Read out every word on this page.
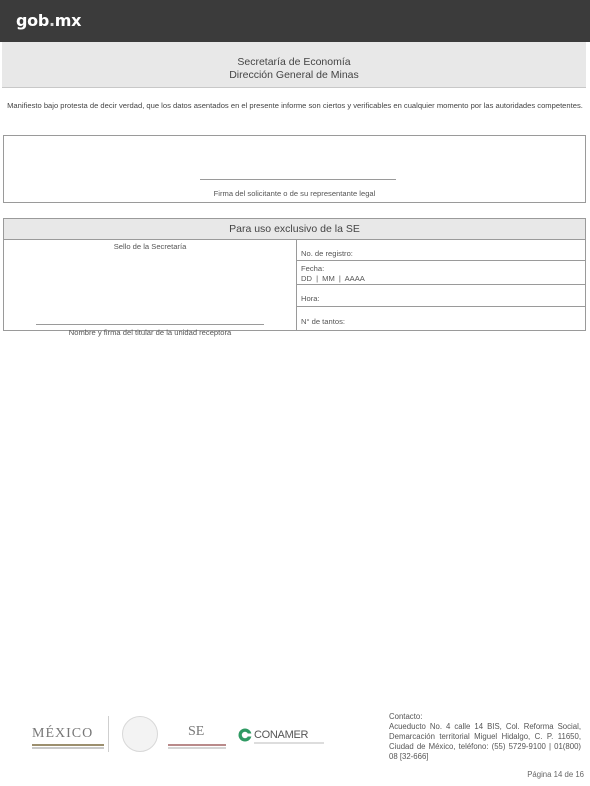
gob.mx
Secretaría de Economía
Dirección General de Minas
Manifiesto bajo protesta de decir verdad, que los datos asentados en el presente informe son ciertos y verificables en cualquier momento por las autoridades competentes.
Firma del solicitante o de su representante legal
Para uso exclusivo de la SE
Sello de la Secretaría
Nombre y firma del titular de la unidad receptora
No. de registro:
Fecha:
DD | MM | AAAA
Hora:
N° de tantos:
MÉXICO	SE	CONAMER
Contacto:
Acueducto No. 4 calle 14 BIS, Col. Reforma Social, Demarcación territorial Miguel Hidalgo, C. P. 11650, Ciudad de México, teléfono: (55) 5729-9100 | 01(800) 08 [32-666]
Página 14 de 16
